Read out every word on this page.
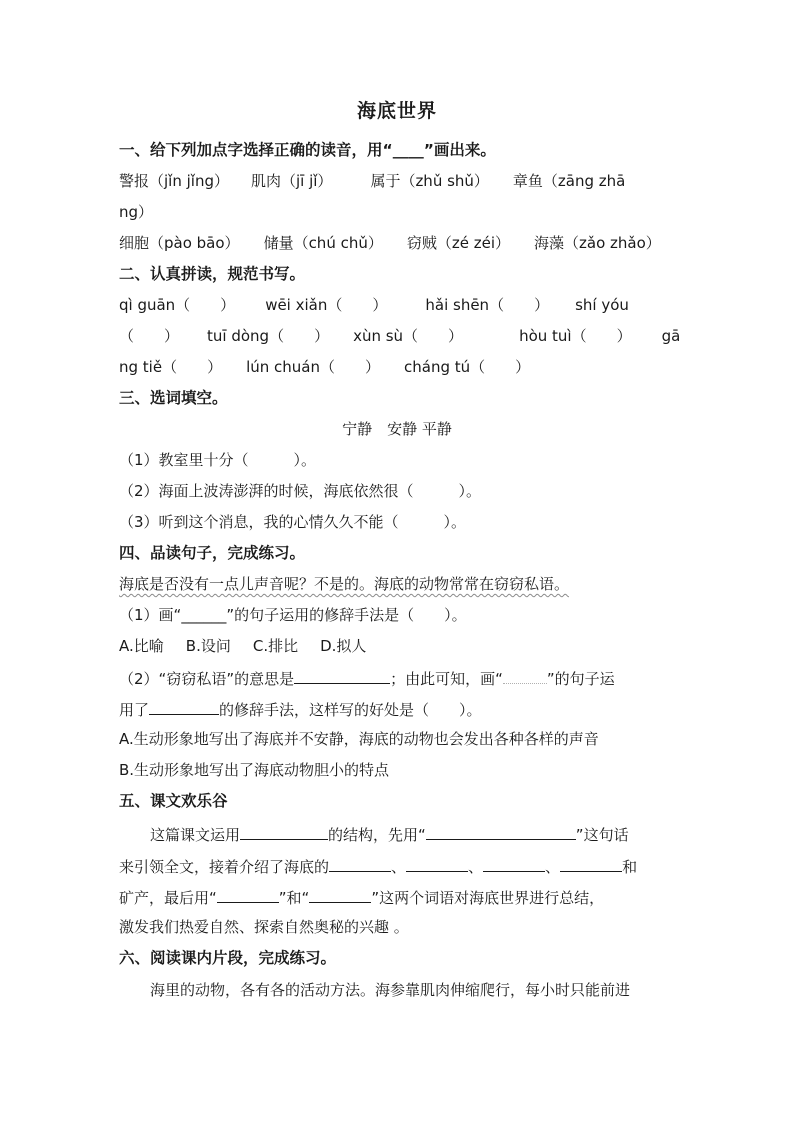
海底世界

一、给下列加点字选择正确的读音，用“____”画出来。

警报（jǐn jǐng） 肌肉（jī jǐ）	属于（zhǔ shǔ） 章鱼（zāng zhā

ng）

细胞（pào bāo） 储量（chú chǔ） 窃贼（zé zéi） 海藻（zǎo zhǎo）

二、认真拼读，规范书写。

qì guān（　　） wēi xiǎn（　　）	hǎi shēn（　　） shí yóu

（　　） tuī dòng（　　） xùn sù（　　）	hòu tuì（　　） gā

ng tiě（　　） lún chuán（　　） cháng tú（　　）

三、选词填空。

宁静　安静 平静

（1）教室里十分（　　　）。

（2）海面上波涛澎湃的时候，海底依然很（　　　）。

（3）听到这个消息，我的心情久久不能（　　　）。

四、品读句子，完成练习。

海底是否没有一点儿声音呢？不是的。海底的动物常常在窃窃私语。

（1）画“______”的句子运用的修辞手法是（　　）。

A.比喻 B.设问 C.排比 D.拟人

（2）“窃窃私语”的意思是	；由此可知，画“	”的句子运

用了	的修辞手法，这样写的好处是（　　）。

A.生动形象地写出了海底并不安静，海底的动物也会发出各种各样的声音

B.生动形象地写出了海底动物胆小的特点

五、课文欢乐谷

这篇课文运用	的结构，先用“	”这句话

来引领全文，接着介绍了海底的	、	、	、	和

矿产，最后用“	”和“	”这两个词语对海底世界进行总结，

激发我们热爱自然、探索自然奥秘的兴趣 。

六、阅读课内片段，完成练习。

海里的动物，各有各的活动方法。海参靠肌肉伸缩爬行，每小时只能前进
